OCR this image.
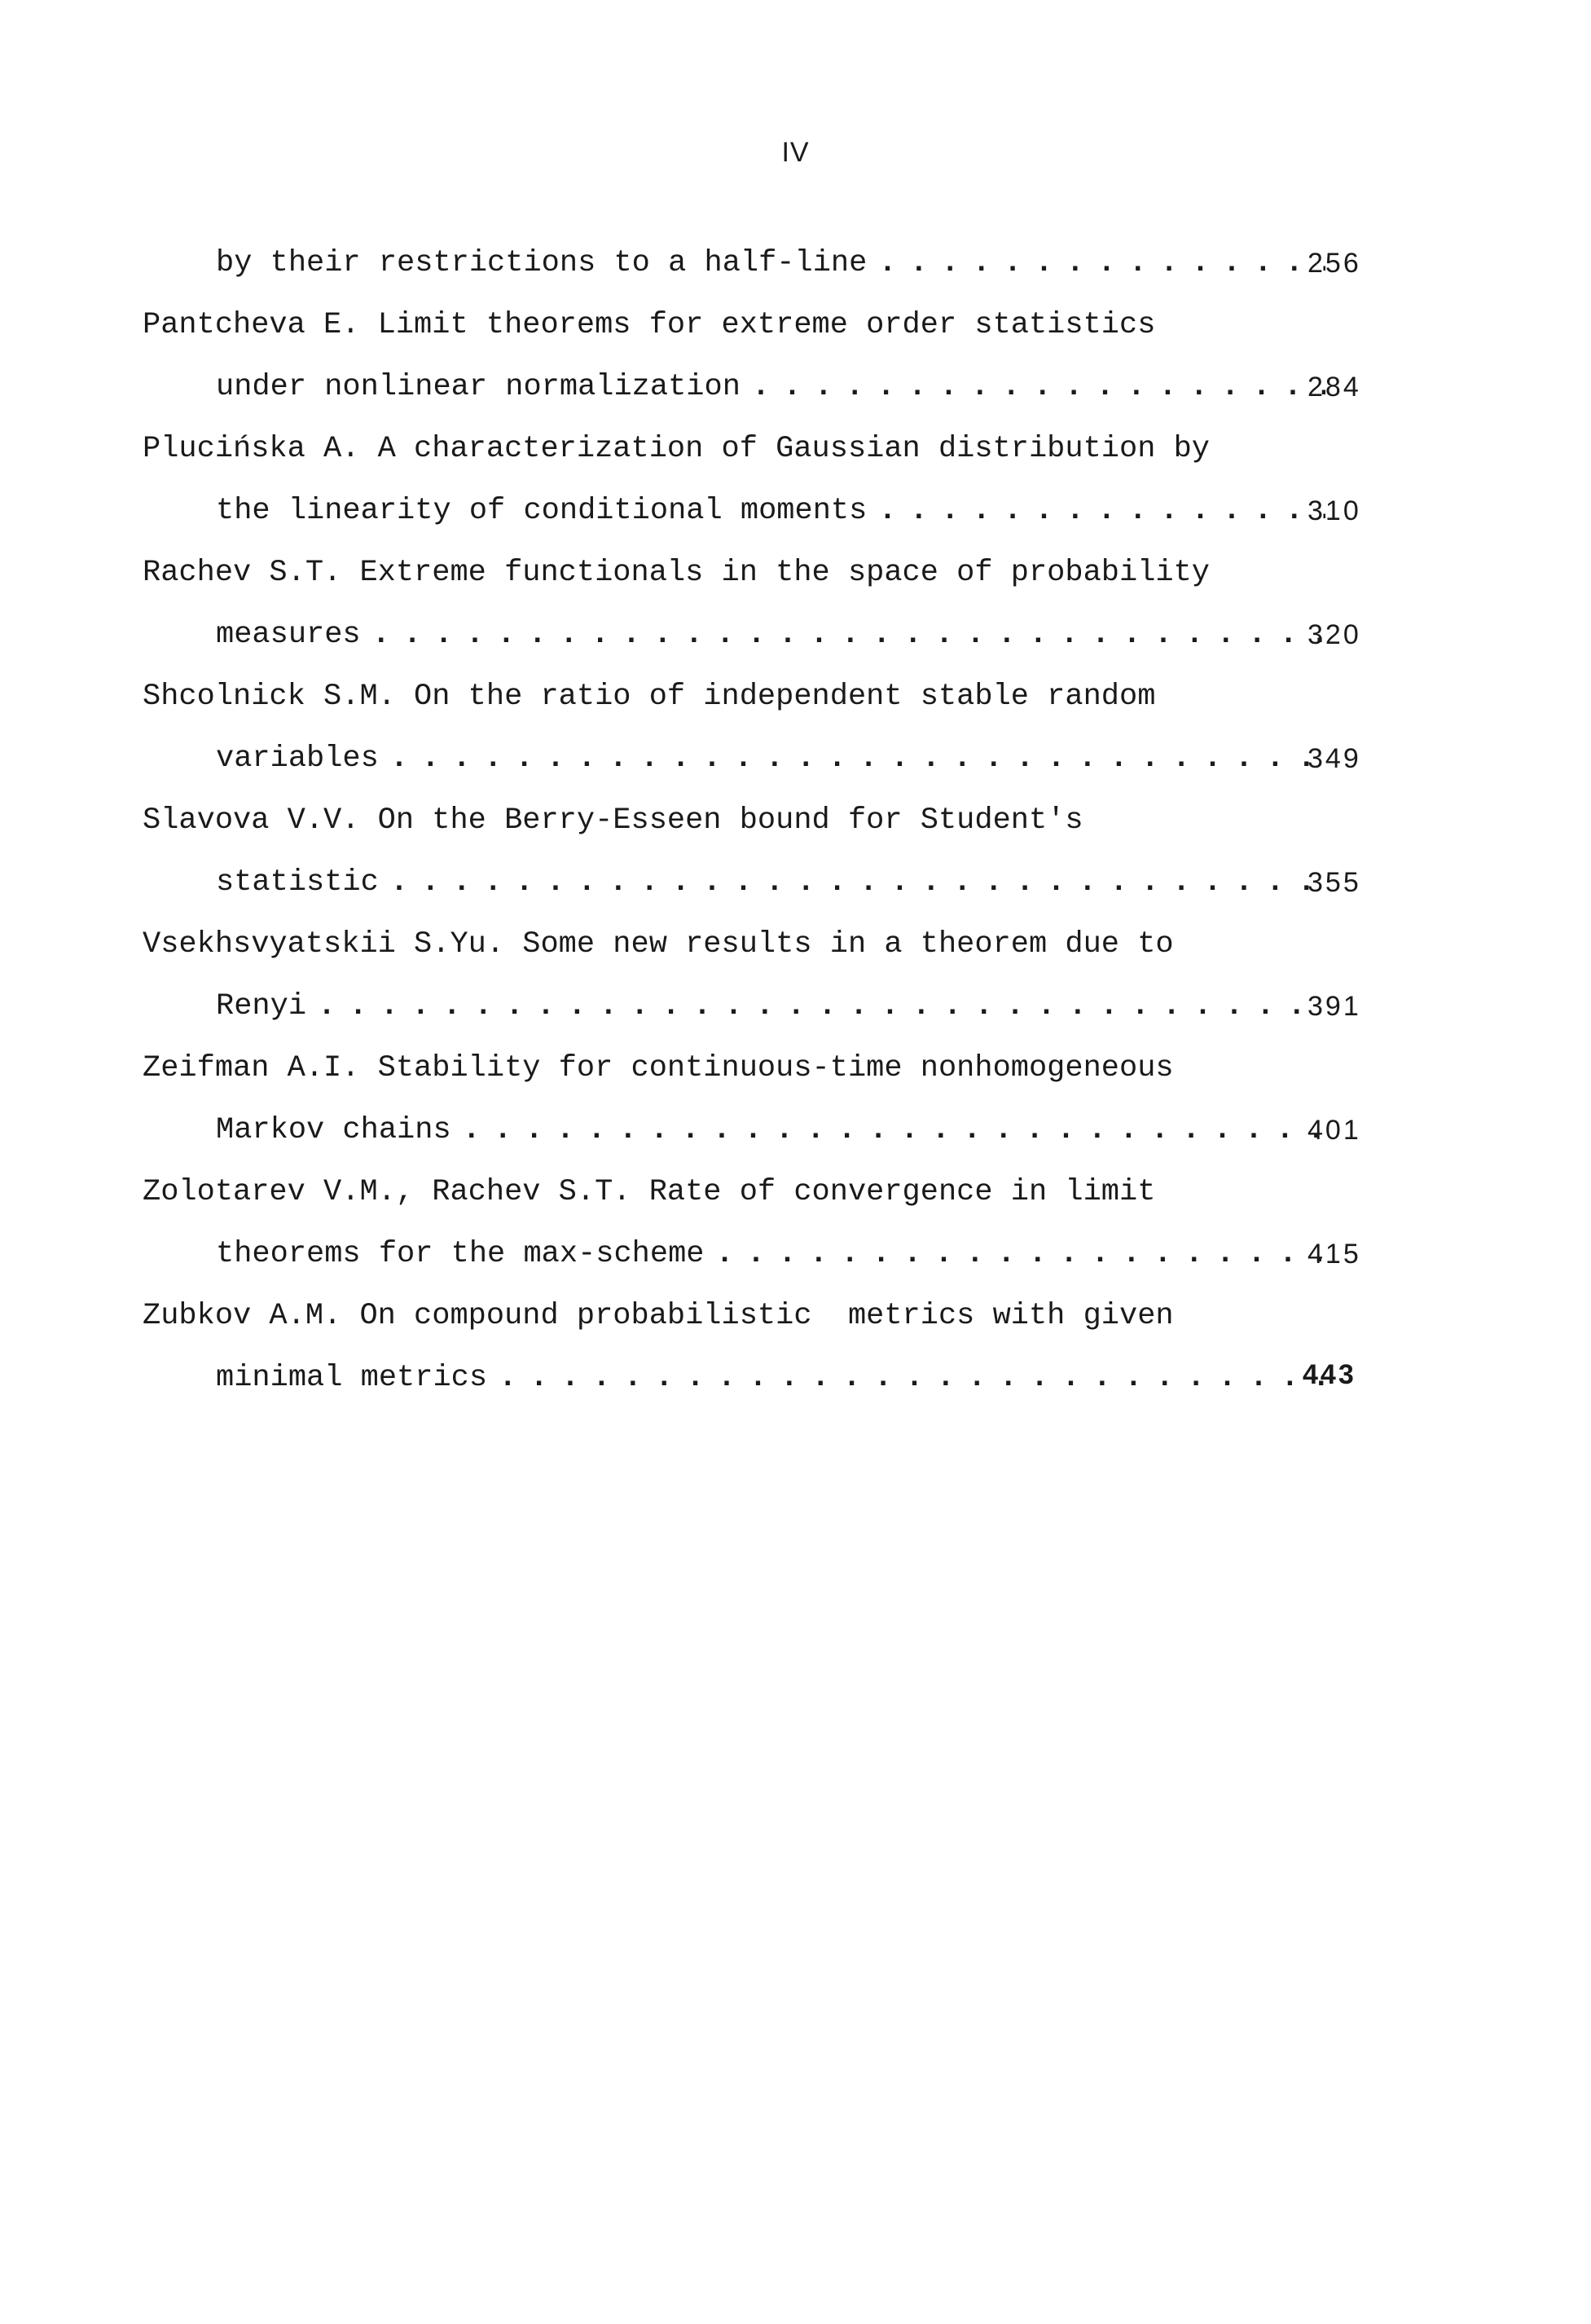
IV
by their restrictions to a half-line . . .	256
Pantcheva E. Limit theorems for extreme order statistics
under nonlinear normalization . . .	284
Plucińska A. A characterization of Gaussian distribution by
the linearity of conditional moments . . .	310
Rachev S.T. Extreme functionals in the space of probability
measures . . .	320
Shcolnick S.M. On the ratio of independent stable random
variables . . .	349
Slavova V.V. On the Berry-Esseen bound for Student's
statistic . . .	355
Vsekhsvyatskii S.Yu. Some new results in a theorem due to
Renyi . . .	391
Zeifman A.I. Stability for continuous-time nonhomogeneous
Markov chains . . .	401
Zolotarev V.M., Rachev S.T. Rate of convergence in limit
theorems for the max-scheme . . .	415
Zubkov A.M. On compound probabilistic  metrics with given
minimal metrics . . .	443
